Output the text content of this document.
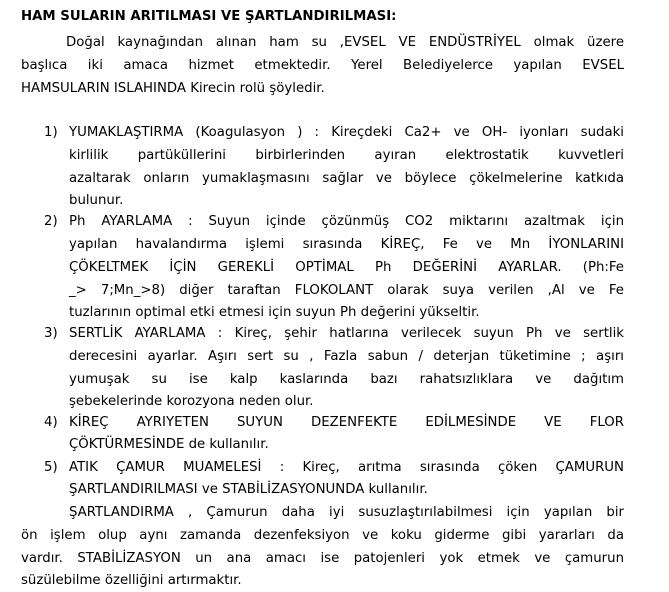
HAM SULARIN ARITILMASI VE ŞARTLANDIRILMASI:
Doğal kaynağından alınan ham su ,EVSEL VE ENDÜSTRİYEL olmak üzere
başlıca iki amaca hizmet etmektedir. Yerel Belediyelerce yapılan EVSEL
HAMSULARIN ISLAHINDA Kirecin rolü şöyledir.
1) YUMAKLAŞTIRMA (Koagulasyon ) : Kireçdeki Ca2+ ve OH- iyonları sudaki
kirlilik partüküllerini birbirlerinden ayıran elektrostatik kuvvetleri
azaltarak onların yumaklaşmasını sağlar ve böylece çökelmelerine katkıda
bulunur.
2) Ph AYARLAMA : Suyun içinde çözünmüş CO2 miktarını azaltmak için
yapılan havalandırma işlemi sırasında KİREÇ, Fe ve Mn İYONLARINI
ÇÖKELTMEK İÇİN GEREKLİ OPTİMAL Ph DEĞERİNİ AYARLAR. (Ph:Fe
_> 7;Mn_>8) diğer taraftan FLOKOLANT olarak suya verilen ,Al ve Fe
tuzlarının optimal etki etmesi için suyun Ph değerini yükseltir.
3) SERTLİK AYARLAMA : Kireç, şehir hatlarına verilecek suyun Ph ve sertlik
derecesini ayarlar. Aşırı sert su , Fazla sabun / deterjan tüketimine ; aşırı
yumuşak su ise kalp kaslarında bazı rahatsızlıklara ve dağıtım
şebekelerinde korozyona neden olur.
4) KİREÇ AYRIYETEN SUYUN DEZENFEKTE EDİLMESİNDE VE FLOR
ÇÖKTÜRMESİNDE de kullanılır.
5) ATIK ÇAMUR MUAMELESİ : Kireç, arıtma sırasında çöken ÇAMURUN
ŞARTLANDIRILMASI ve STABİLİZASYONUNDA kullanılır.
ŞARTLANDIRMA , Çamurun daha iyi susuzlaştırılabilmesi için yapılan bir
ön işlem olup aynı zamanda dezenfeksiyon ve koku giderme gibi yararları da
vardır. STABİLİZASYON un ana amacı ise patojenleri yok etmek ve çamurun
süzülebilme özelliğini artırmaktır.
